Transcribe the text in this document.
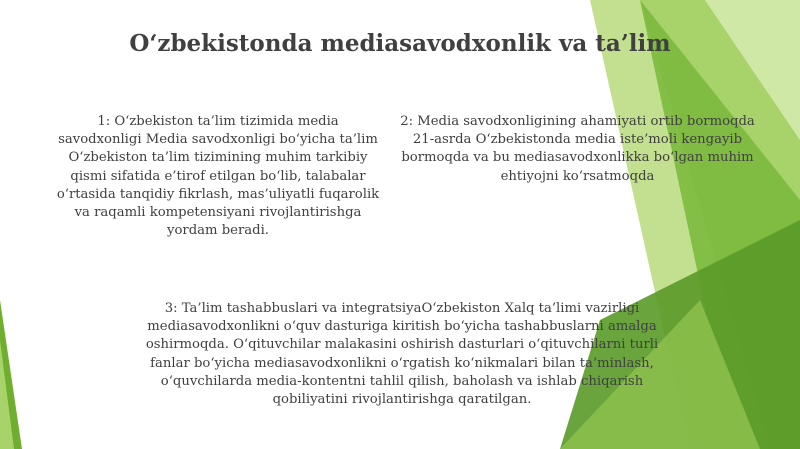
O‘zbekistonda mediasavodxonlik va ta’lim

1: O‘zbekiston ta’lim tizimida media savodxonligi Media savodxonligi bo‘yicha ta’lim O‘zbekiston ta’lim tizimining muhim tarkibiy qismi sifatida e’tirof etilgan bo‘lib, talabalar o‘rtasida tanqidiy fikrlash, mas’uliyatli fuqarolik va raqamli kompetensiyani rivojlantirishga yordam beradi.

2: Media savodxonligining ahamiyati ortib bormoqda 21-asrda O‘zbekistonda media iste’moli kengayib bormoqda va bu mediasavodxonlikka bo‘lgan muhim ehtiyojni ko‘rsatmoqda

3: Ta’lim tashabbuslari va integratsiyaO‘zbekiston Xalq ta’limi vazirligi mediasavodxonlikni o‘quv dasturiga kiritish bo‘yicha tashabbuslarni amalga oshirmoqda. O‘qituvchilar malakasini oshirish dasturlari o‘qituvchilarni turli fanlar bo‘yicha mediasavodxonlikni o‘rgatish ko‘nikmalari bilan ta’minlash, o‘quvchilarda media-kontentni tahlil qilish, baholash va ishlab chiqarish qobiliyatini rivojlantirishga qaratilgan.
